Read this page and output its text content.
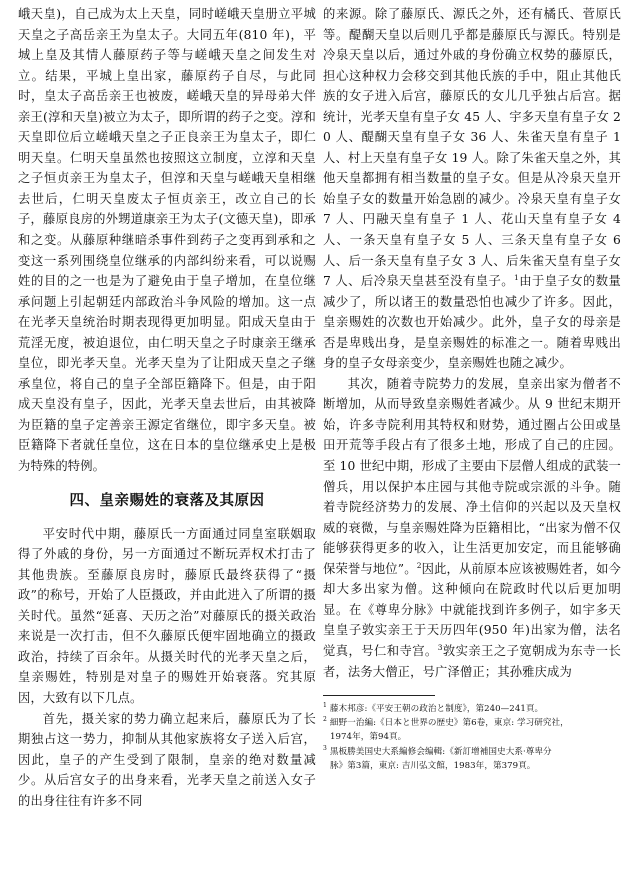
峨天皇)，自己成为太上天皇，同时嵯峨天皇册立平城天皇之子高岳亲王为皇太子。大同五年(810 年)，平城上皇及其情人藤原药子等与嵯峨天皇之间发生对立。结果，平城上皇出家，藤原药子自尽，与此同时，皇太子高岳亲王也被废，嵯峨天皇的异母弟大伴亲王(淳和天皇)被立为太子，即所谓的药子之变。淳和天皇即位后立嵯峨天皇之子正良亲王为皇太子，即仁明天皇。仁明天皇虽然也按照这立制度，立淳和天皇之子恒贞亲王为皇太子，但淳和天皇与嵯峨天皇相继去世后，仁明天皇废太子恒贞亲王，改立自己的长子，藤原良房的外甥道康亲王为太子(文德天皇)，即承和之变。从藤原种继暗杀事件到药子之变再到承和之变这一系列围绕皇位继承的内部纠纷来看，可以说赐姓的目的之一也是为了避免由于皇子增加，在皇位继承问题上引起朝廷内部政治斗争风险的增加。这一点在光孝天皇统治时期表现得更加明显。阳成天皇由于荒淫无度，被迫退位，由仁明天皇之子时康亲王继承皇位，即光孝天皇。光孝天皇为了让阳成天皇之子继承皇位，将自己的皇子全部臣籍降下。但是，由于阳成天皇没有皇子，因此，光孝天皇去世后，由其被降为臣籍的皇子定善亲王源定省继位，即宇多天皇。被臣籍降下者就任皇位，这在日本的皇位继承史上是极为特殊的特例。

四、皇亲赐姓的衰落及其原因

平安时代中期，藤原氏一方面通过同皇室联姻取得了外戚的身份，另一方面通过不断玩弄权术打击了其他贵族。至藤原良房时，藤原氏最终获得了“摄政”的称号，开始了人臣摄政，并由此进入了所谓的摄关时代。虽然“延喜、天历之治”对藤原氏的摄关政治来说是一次打击，但不久藤原氏便牢固地确立的摄政政治，持续了百余年。从摄关时代的光孝天皇之后，皇亲赐姓，特别是对皇子的赐姓开始衰落。究其原因，大致有以下几点。

首先，摄关家的势力确立起来后，藤原氏为了长期独占这一势力，抑制从其他家族将女子送入后宫，因此，皇子的产生受到了限制，皇亲的绝对数量减少。从后宫女子的出身来看，光孝天皇之前送入女子的出身往往有许多不同

的来源。除了藤原氏、源氏之外，还有橘氏、菅原氏等。醍醐天皇以后则几乎都是藤原氏与源氏。特别是冷泉天皇以后，通过外戚的身份确立权势的藤原氏，担心这种权力会移交到其他氏族的手中，阻止其他氏族的女子进入后宫，藤原氏的女儿几乎独占后宫。据统计，光孝天皇有皇子女 45 人、宇多天皇有皇子女 20 人、醍醐天皇有皇子女 36 人、朱雀天皇有皇子 1 人、村上天皇有皇子女 19 人。除了朱雀天皇之外，其他天皇都拥有相当数量的皇子女。但是从冷泉天皇开始皇子女的数量开始急剧的减少。冷泉天皇有皇子女 7 人、円融天皇有皇子 1 人、花山天皇有皇子女 4 人、一条天皇有皇子女 5 人、三条天皇有皇子女 6 人、后一条天皇有皇子女 3 人、后朱雀天皇有皇子女 7 人、后冷泉天皇甚至没有皇子。$^1$由于皇子女的数量减少了，所以诸王的数量恐怕也减少了许多。因此，皇亲赐姓的次数也开始减少。此外，皇子女的母亲是否是卑贱出身，是皇亲赐姓的标准之一。随着卑贱出身的皇子女母亲变少，皇亲赐姓也随之减少。

其次，随着寺院势力的发展，皇亲出家为僧者不断增加，从而导致皇亲赐姓者减少。从 9 世纪末期开始，许多寺院利用其特权和财势，通过圈占公田或垦田开荒等手段占有了很多土地，形成了自己的庄园。至 10 世纪中期，形成了主要由下层僧人组成的武装一僧兵，用以保护本庄园与其他寺院或宗派的斗争。随着寺院经济势力的发展、净土信仰的兴起以及天皇权威的衰微，与皇亲赐姓降为臣籍相比，“出家为僧不仅能够获得更多的收入，让生活更加安定，而且能够确保荣誉与地位”。$^2$因此，从前原本应该被赐姓者，如今却大多出家为僧。这种倾向在院政时代以后更加明显。在《尊卑分脉》中就能找到许多例子，如宇多天皇皇子敦实亲王于天历四年(950 年)出家为僧，法名觉真，号仁和寺宫。$^3$敦实亲王之子宽朝成为东寺一长者，法务大僧正，号广泽僧正；其孙雅庆成为

$^1$ 藤木邦彦:《平安王朝の政治と制度》，第240—241頁。

$^2$ 細野一治編:《日本と世界の歴史》第6卷，東京: 学习研究社，

1974年，第94頁。

$^3$ 黒板勝美国史大系編修会编輯:《新訂增補国史大系·尊卑分

脉》第3篇，東京: 吉川弘文館，1983年，第379頁。
